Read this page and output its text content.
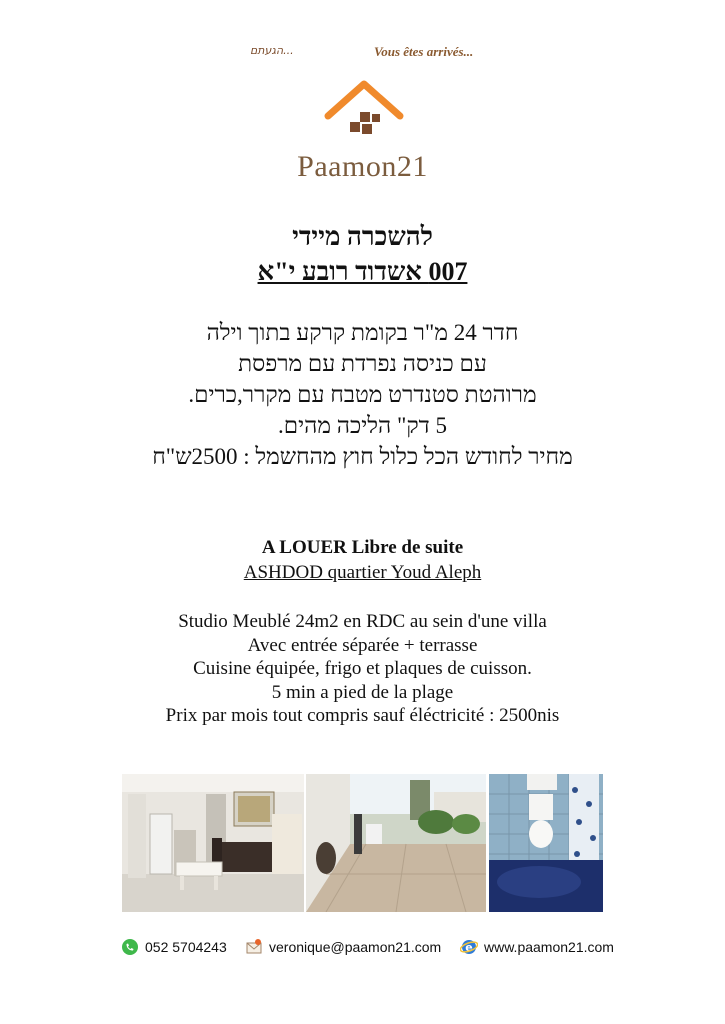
הגעתם...	Vous êtes arrivés...
Paamon21
להשכרה מיידי
007 אשדוד רובע י"א
חדר 24 מ"ר בקומת קרקע בתוך וילה
עם כניסה נפרדת עם מרפסת
מרוהטת סטנדרט מטבח עם מקרר,כרים.
5 דק" הליכה מהים.
מחיר לחודש הכל כלול חוץ מהחשמל : 2500ש"ח
A LOUER Libre de suite
ASHDOD quartier Youd Aleph
Studio Meublé 24m2 en RDC au sein d'une villa
Avec entrée séparée + terrasse
Cuisine équipée, frigo et plaques de cuisson.
5 min a pied de la plage
Prix par mois tout compris sauf éléctricité : 2500nis
052 5704243	veronique@paamon21.com e www.paamon21.com
